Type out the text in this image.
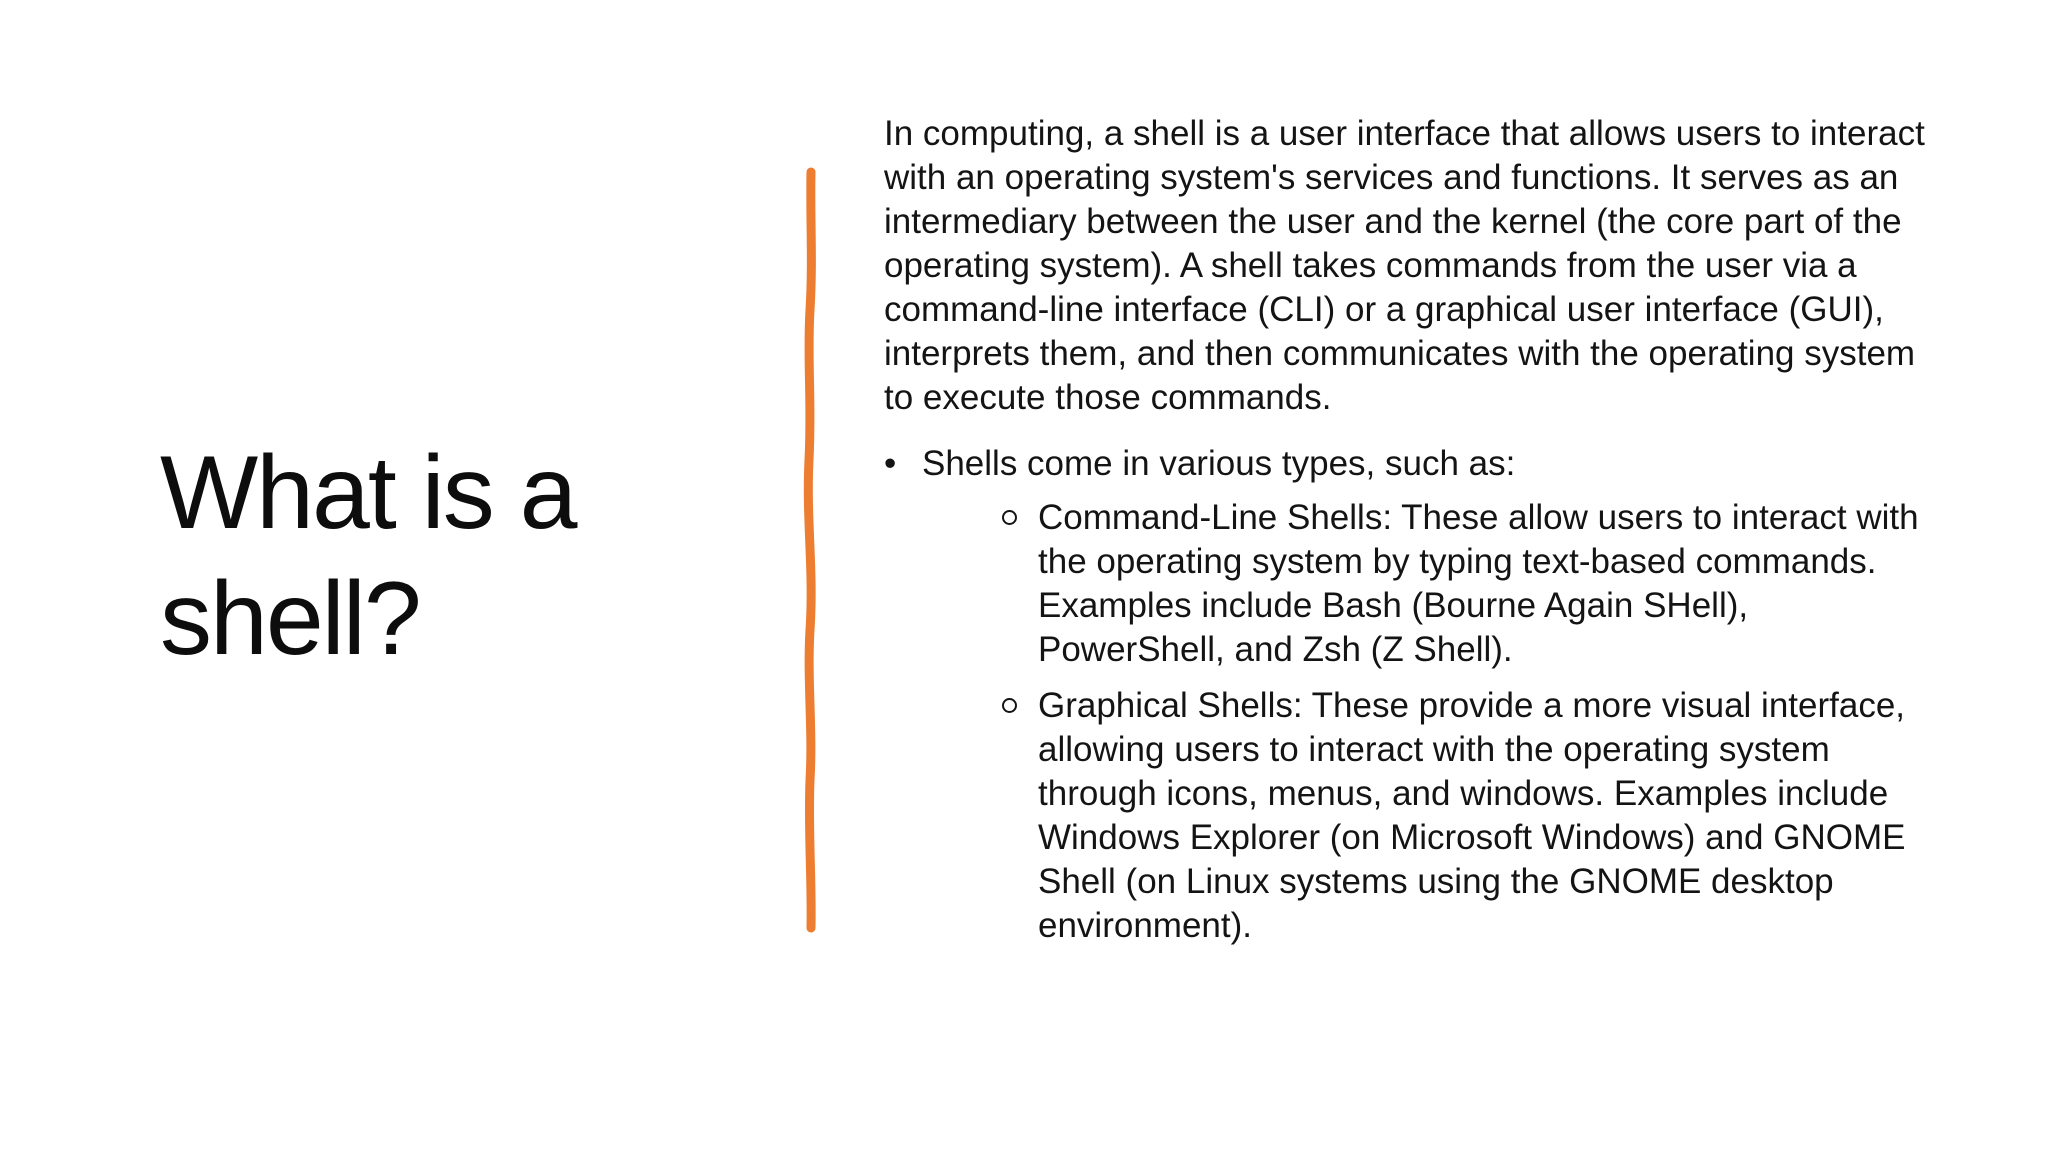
What is a shell?

In computing, a shell is a user interface that allows users to interact with an operating system's services and functions. It serves as an intermediary between the user and the kernel (the core part of the operating system). A shell takes commands from the user via a command-line interface (CLI) or a graphical user interface (GUI), interprets them, and then communicates with the operating system to execute those commands.

• Shells come in various types, such as:
Command-Line Shells: These allow users to interact with the operating system by typing text-based commands. Examples include Bash (Bourne Again SHell), PowerShell, and Zsh (Z Shell).
Graphical Shells: These provide a more visual interface, allowing users to interact with the operating system through icons, menus, and windows. Examples include Windows Explorer (on Microsoft Windows) and GNOME Shell (on Linux systems using the GNOME desktop environment).
